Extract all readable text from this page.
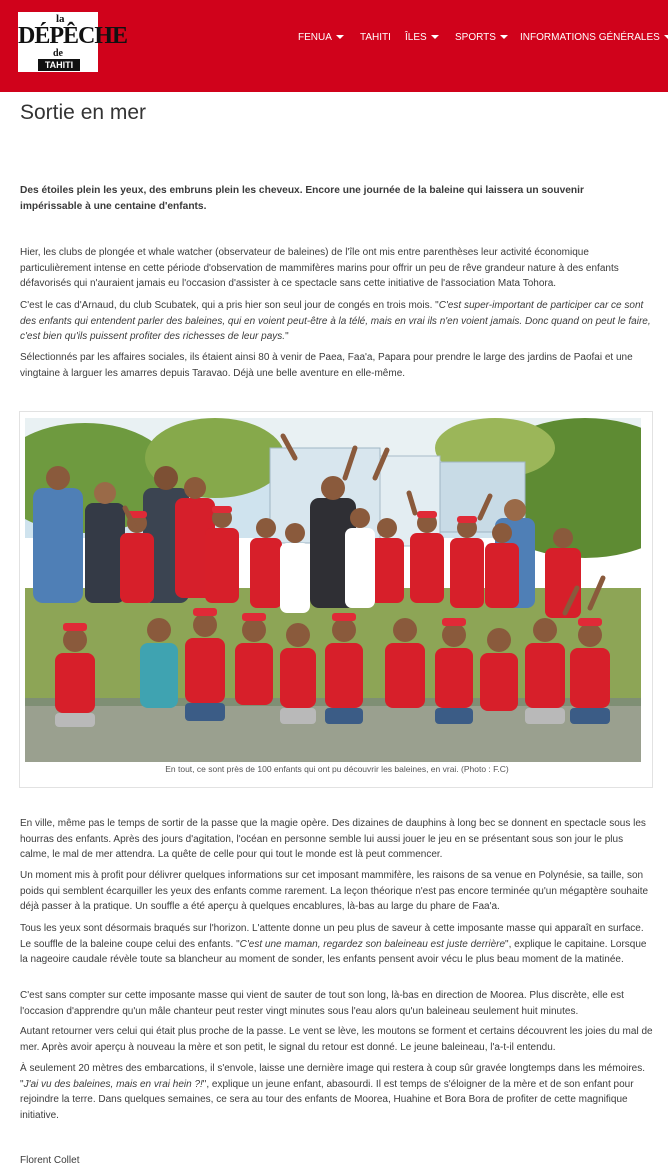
la
DÉPÊCHE
de
TAHITI
FENUA	TAHITI ÎLES	SPORTS	INFORMATIONS GÉNÉRALES
Sortie en mer

Des étoiles plein les yeux, des embruns plein les cheveux. Encore une journée de la baleine qui laissera un souvenir impérissable à une centaine d'enfants.

Hier, les clubs de plongée et whale watcher (observateur de baleines) de l'île ont mis entre parenthèses leur activité économique particulièrement intense en cette période d'observation de mammifères marins pour offrir un peu de rêve grandeur nature à des enfants défavorisés qui n'auraient jamais eu l'occasion d'assister à ce spectacle sans cette initiative de l'association Mata Tohora.

C'est le cas d'Arnaud, du club Scubatek, qui a pris hier son seul jour de congés en trois mois. "C'est super-important de participer car ce sont des enfants qui entendent parler des baleines, qui en voient peut-être à la télé, mais en vrai ils n'en voient jamais. Donc quand on peut le faire, c'est bien qu'ils puissent profiter des richesses de leur pays."

Sélectionnés par les affaires sociales, ils étaient ainsi 80 à venir de Paea, Faa'a, Papara pour prendre le large des jardins de Paofai et une vingtaine à larguer les amarres depuis Taravao. Déjà une belle aventure en elle-même.

En tout, ce sont près de 100 enfants qui ont pu découvrir les baleines, en vrai. (Photo : F.C)

En ville, même pas le temps de sortir de la passe que la magie opère. Des dizaines de dauphins à long bec se donnent en spectacle sous les hourras des enfants. Après des jours d'agitation, l'océan en personne semble lui aussi jouer le jeu en se présentant sous son jour le plus calme, le mal de mer attendra. La quête de celle pour qui tout le monde est là peut commencer.

Un moment mis à profit pour délivrer quelques informations sur cet imposant mammifère, les raisons de sa venue en Polynésie, sa taille, son poids qui semblent écarquiller les yeux des enfants comme rarement. La leçon théorique n'est pas encore terminée qu'un mégaptère souhaite déjà passer à la pratique. Un souffle a été aperçu à quelques encablures, là-bas au large du phare de Faa'a.

Tous les yeux sont désormais braqués sur l'horizon. L'attente donne un peu plus de saveur à cette imposante masse qui apparaît en surface. Le souffle de la baleine coupe celui des enfants. "C'est une maman, regardez son baleineau est juste derrière", explique le capitaine. Lorsque la nageoire caudale révèle toute sa blancheur au moment de sonder, les enfants pensent avoir vécu le plus beau moment de la matinée.

C'est sans compter sur cette imposante masse qui vient de sauter de tout son long, là-bas en direction de Moorea. Plus discrète, elle est l'occasion d'apprendre qu'un mâle chanteur peut rester vingt minutes sous l'eau alors qu'un baleineau seulement huit minutes.

Autant retourner vers celui qui était plus proche de la passe. Le vent se lève, les moutons se forment et certains découvrent les joies du mal de mer. Après avoir aperçu à nouveau la mère et son petit, le signal du retour est donné. Le jeune baleineau, l'a-t-il entendu.

À seulement 20 mètres des embarcations, il s'envole, laisse une dernière image qui restera à coup sûr gravée longtemps dans les mémoires. "J'ai vu des baleines, mais en vrai hein ?!", explique un jeune enfant, abasourdi. Il est temps de s'éloigner de la mère et de son enfant pour rejoindre la terre. Dans quelques semaines, ce sera au tour des enfants de Moorea, Huahine et Bora Bora de profiter de cette magnifique initiative.

Florent Collet
